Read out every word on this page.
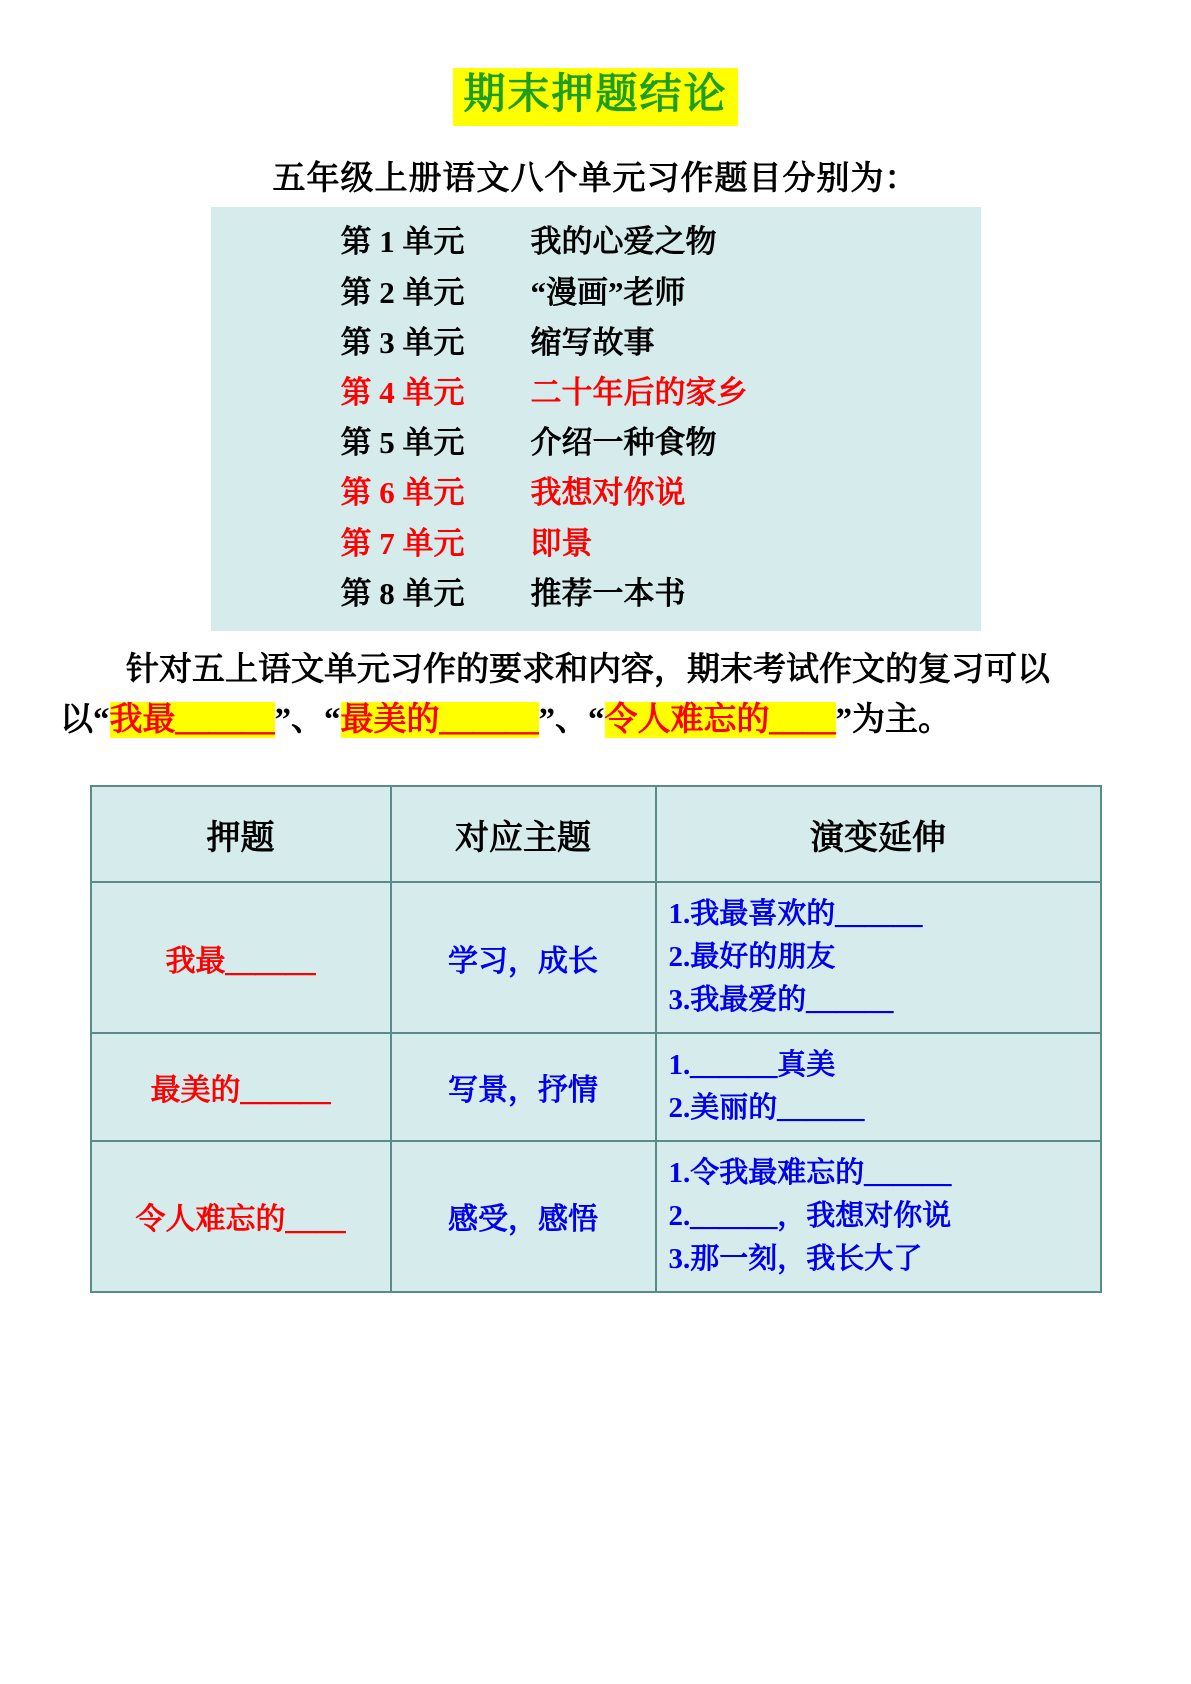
期末押题结论
五年级上册语文八个单元习作题目分别为：
第 1 单元 我的心爱之物
第 2 单元 “漫画”老师
第 3 单元 缩写故事
第 4 单元 二十年后的家乡
第 5 单元 介绍一种食物
第 6 单元 我想对你说
第 7 单元 即景
第 8 单元 推荐一本书

针对五上语文单元习作的要求和内容，期末考试作文的复习可以以“我最＿＿＿”、“最美的＿＿＿”、“令人难忘的＿＿”为主。

押题	对应主题	演变延伸
我最＿＿＿	学习，成长	1.我最喜欢的＿＿＿
2.最好的朋友
3.我最爱的＿＿＿

最美的＿＿＿	写景，抒情	1.＿＿＿真美
2.美丽的＿＿＿

令人难忘的＿＿	感受，感悟	1.令我最难忘的＿＿＿
2.＿＿＿，我想对你说
3.那一刻，我长大了
